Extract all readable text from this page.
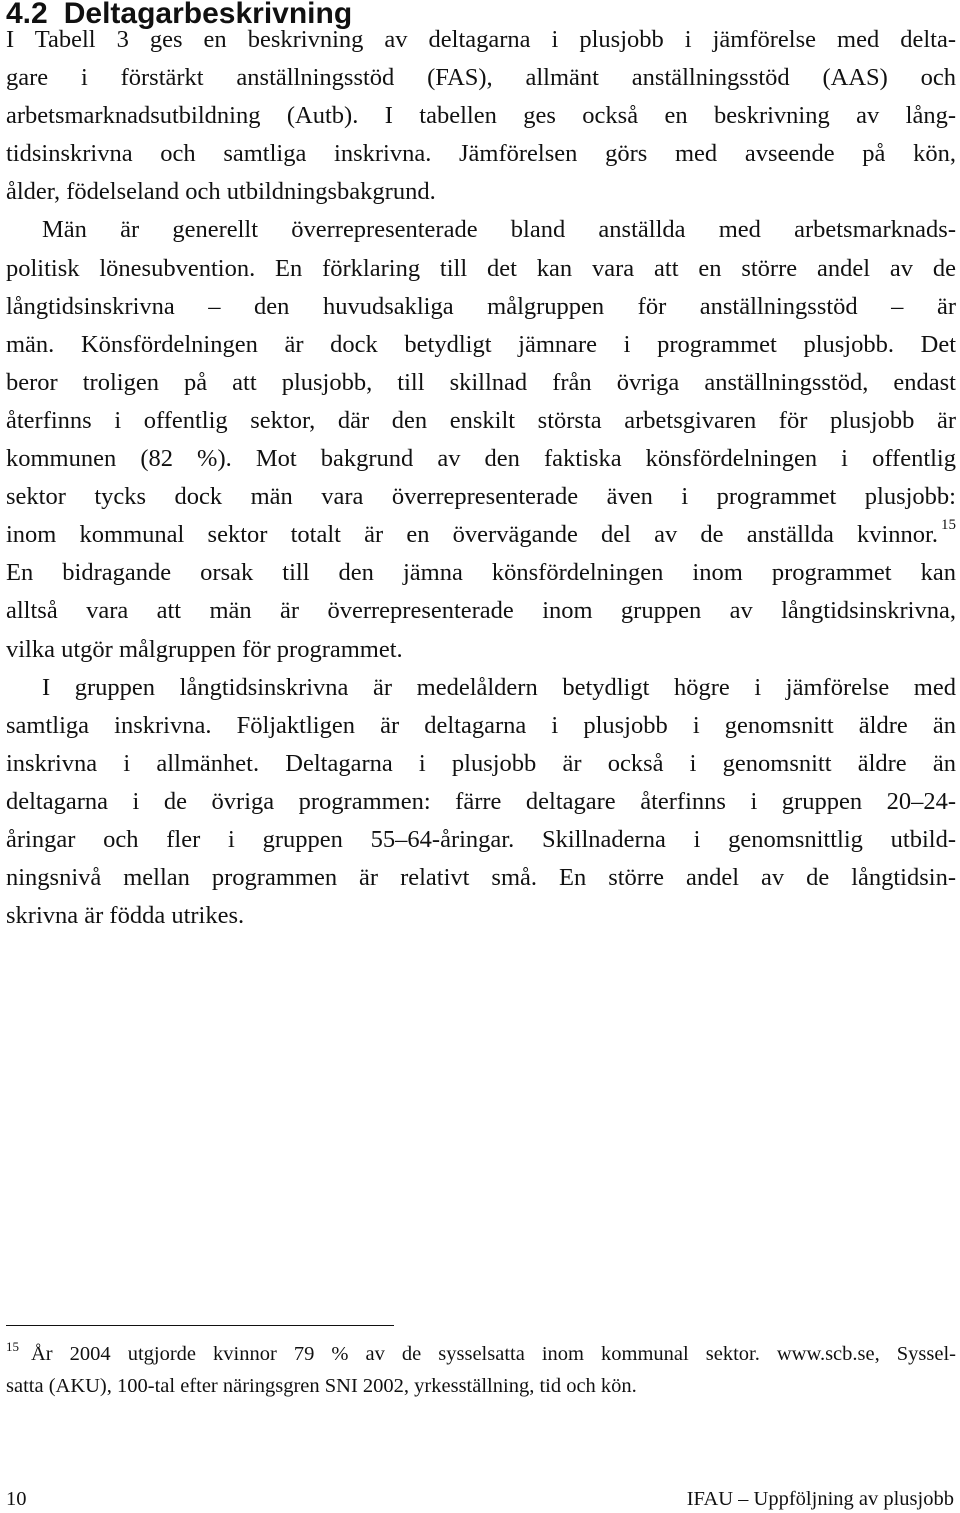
4.2 Deltagarbeskrivning

I Tabell 3 ges en beskrivning av deltagarna i plusjobb i jämförelse med delta-

gare i förstärkt anställningsstöd (FAS), allmänt anställningsstöd (AAS) och

arbetsmarknadsutbildning (Autb). I tabellen ges också en beskrivning av lång-

tidsinskrivna och samtliga inskrivna. Jämförelsen görs med avseende på kön,

ålder, födelseland och utbildningsbakgrund.

Män är generellt överrepresenterade bland anställda med arbetsmarknads-

politisk lönesubvention. En förklaring till det kan vara att en större andel av de

långtidsinskrivna – den huvudsakliga målgruppen för anställningsstöd – är

män. Könsfördelningen är dock betydligt jämnare i programmet plusjobb. Det

beror troligen på att plusjobb, till skillnad från övriga anställningsstöd, endast

återfinns i offentlig sektor, där den enskilt största arbetsgivaren för plusjobb är

kommunen (82 %). Mot bakgrund av den faktiska könsfördelningen i offentlig

sektor tycks dock män vara överrepresenterade även i programmet plusjobb:

inom kommunal sektor totalt är en övervägande del av de anställda kvinnor. $^{15}$

En bidragande orsak till den jämna könsfördelningen inom programmet kan

alltså vara att män är överrepresenterade inom gruppen av långtidsinskrivna,

vilka utgör målgruppen för programmet.

I gruppen långtidsinskrivna är medelåldern betydligt högre i jämförelse med

samtliga inskrivna. Följaktligen är deltagarna i plusjobb i genomsnitt äldre än

inskrivna i allmänhet. Deltagarna i plusjobb är också i genomsnitt äldre än

deltagarna i de övriga programmen: färre deltagare återfinns i gruppen 20–24-

åringar och fler i gruppen 55–64-åringar. Skillnaderna i genomsnittlig utbild-

ningsnivå mellan programmen är relativt små. En större andel av de långtidsin-

skrivna är födda utrikes.

$^{15}$ År 2004 utgjorde kvinnor 79 % av de sysselsatta inom kommunal sektor. www.scb.se, Syssel-

satta (AKU), 100-tal efter näringsgren SNI 2002, yrkesställning, tid och kön.

10	IFAU – Uppföljning av plusjobb
